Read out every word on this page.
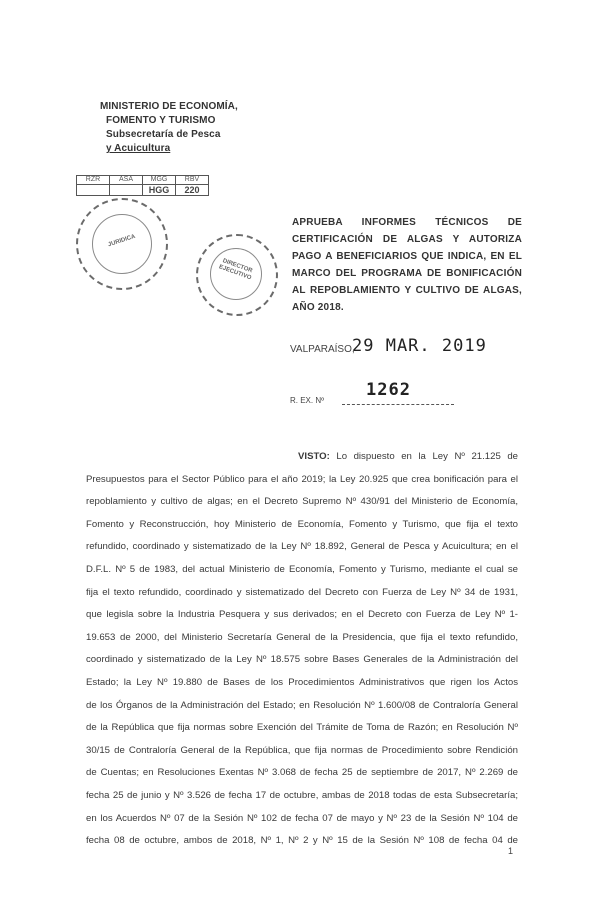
MINISTERIO DE ECONOMÍA,
FOMENTO Y TURISMO
Subsecretaría de Pesca
y Acuicultura
RZR	ASA	MGG	RBV
		HGG	220
JURIDICA
DIRECTOR EJECUTIVO
APRUEBA INFORMES TÉCNICOS DE CERTIFICACIÓN DE ALGAS Y AUTORIZA PAGO A BENEFICIARIOS QUE INDICA, EN EL MARCO DEL PROGRAMA DE BONIFICACIÓN AL REPOBLAMIENTO Y CULTIVO DE ALGAS, AÑO 2018.
VALPARAÍSO,
29 MAR. 2019
R. EX. Nº
1262
VISTO: Lo dispuesto en la Ley Nº 21.125 de
Presupuestos para el Sector Público para el año 2019; la Ley 20.925 que crea bonificación para el
repoblamiento y cultivo de algas; en el Decreto Supremo Nº 430/91 del Ministerio de Economía,
Fomento y Reconstrucción, hoy Ministerio de Economía, Fomento y Turismo, que fija el texto
refundido, coordinado y sistematizado de la Ley Nº 18.892, General de Pesca y Acuicultura; en el
D.F.L. Nº 5 de 1983, del actual Ministerio de Economía, Fomento y Turismo, mediante el cual se
fija el texto refundido, coordinado y sistematizado del Decreto con Fuerza de Ley Nº 34 de 1931,
que legisla sobre la Industria Pesquera y sus derivados; en el Decreto con Fuerza de Ley Nº 1-
19.653 de 2000, del Ministerio Secretaría General de la Presidencia, que fija el texto refundido,
coordinado y sistematizado de la Ley Nº 18.575 sobre Bases Generales de la Administración del
Estado; la Ley Nº 19.880 de Bases de los Procedimientos Administrativos que rigen los Actos
de los Órganos de la Administración del Estado; en Resolución Nº 1.600/08 de Contraloría General
de la República que fija normas sobre Exención del Trámite de Toma de Razón; en Resolución Nº
30/15 de Contraloría General de la República, que fija normas de Procedimiento sobre Rendición
de Cuentas; en Resoluciones Exentas Nº 3.068 de fecha 25 de septiembre de 2017, Nº 2.269 de
fecha 25 de junio y Nº 3.526 de fecha 17 de octubre, ambas de 2018 todas de esta Subsecretaría;
en los Acuerdos Nº 07 de la Sesión Nº 102 de fecha 07 de mayo y Nº 23 de la Sesión Nº 104 de
fecha 08 de octubre, ambos de 2018, Nº 1, Nº 2 y Nº 15 de la Sesión Nº 108 de fecha 04 de
1
